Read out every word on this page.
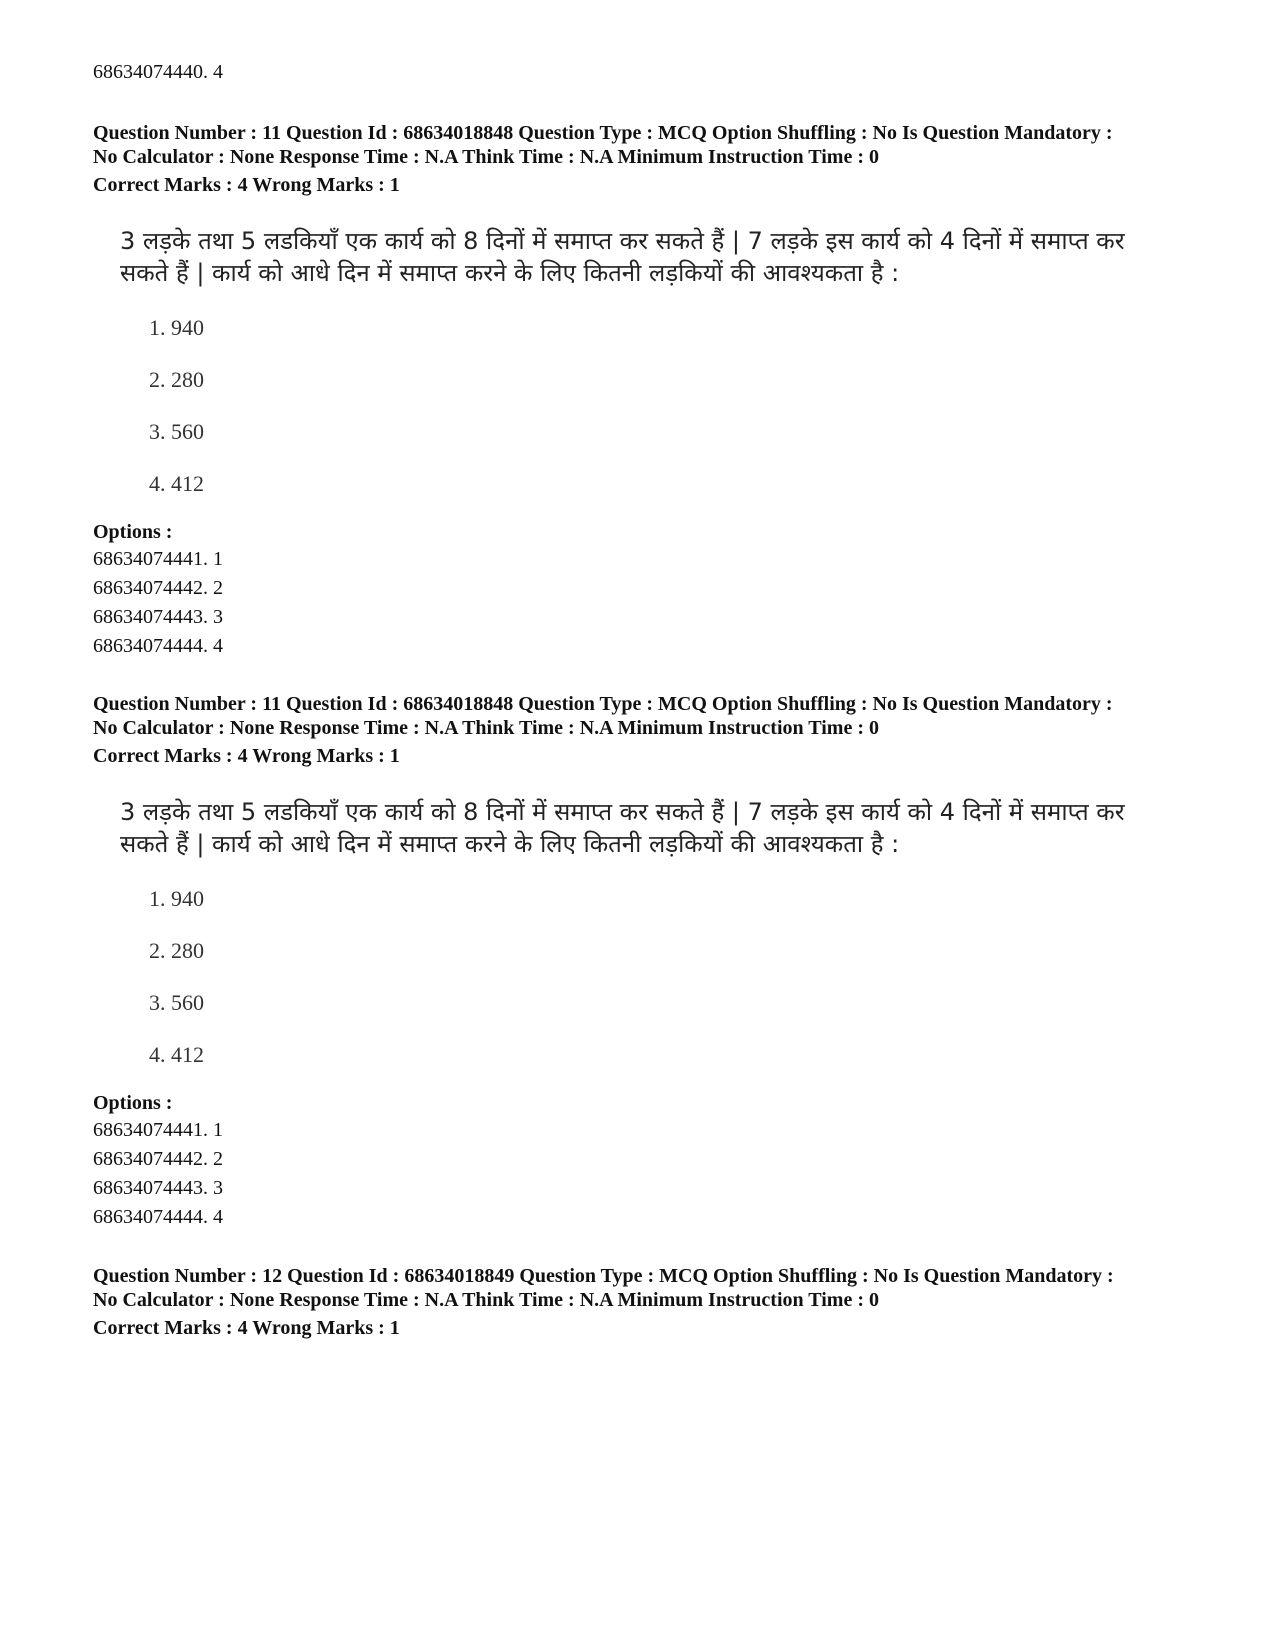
68634074440. 4
Question Number : 11 Question Id : 68634018848 Question Type : MCQ Option Shuffling : No Is Question Mandatory :
No Calculator : None Response Time : N.A Think Time : N.A Minimum Instruction Time : 0
Correct Marks : 4 Wrong Marks : 1
3 लड़के तथा 5 लडकियाँ एक कार्य को 8 दिनों में समाप्त कर सकते हैं | 7 लड़के इस कार्य को 4 दिनों में समाप्त कर
सकते हैं | कार्य को आधे दिन में समाप्त करने के लिए कितनी लड़कियों की आवश्यकता है :
1. 940
2. 280
3. 560
4. 412
Options :
68634074441. 1
68634074442. 2
68634074443. 3
68634074444. 4
Question Number : 11 Question Id : 68634018848 Question Type : MCQ Option Shuffling : No Is Question Mandatory :
No Calculator : None Response Time : N.A Think Time : N.A Minimum Instruction Time : 0
Correct Marks : 4 Wrong Marks : 1
3 लड़के तथा 5 लडकियाँ एक कार्य को 8 दिनों में समाप्त कर सकते हैं | 7 लड़के इस कार्य को 4 दिनों में समाप्त कर
सकते हैं | कार्य को आधे दिन में समाप्त करने के लिए कितनी लड़कियों की आवश्यकता है :
1. 940
2. 280
3. 560
4. 412
Options :
68634074441. 1
68634074442. 2
68634074443. 3
68634074444. 4
Question Number : 12 Question Id : 68634018849 Question Type : MCQ Option Shuffling : No Is Question Mandatory :
No Calculator : None Response Time : N.A Think Time : N.A Minimum Instruction Time : 0
Correct Marks : 4 Wrong Marks : 1
